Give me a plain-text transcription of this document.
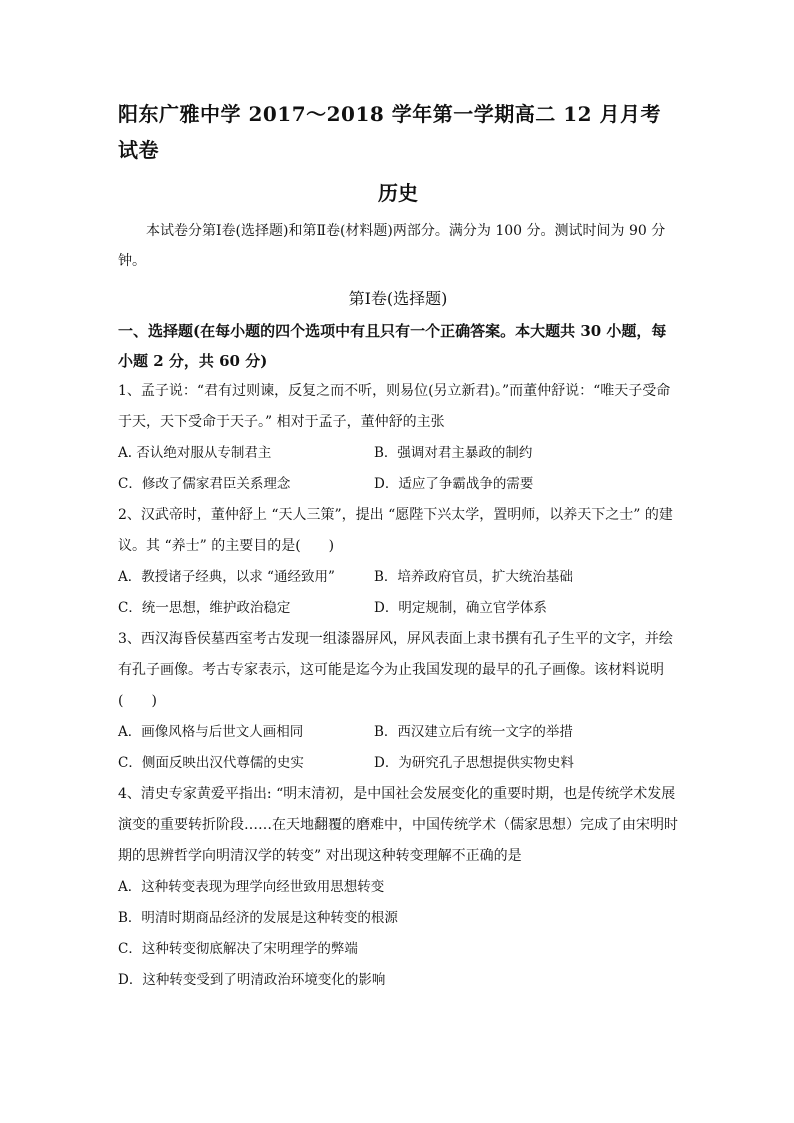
阳东广雅中学 2017～2018 学年第一学期高二 12 月月考试卷
历史

本试卷分第Ⅰ卷(选择题)和第Ⅱ卷(材料题)两部分。满分为 100 分。测试时间为 90 分钟。

第Ⅰ卷(选择题)

一、选择题(在每小题的四个选项中有且只有一个正确答案。本大题共 30 小题，每小题 2 分，共 60 分)

1、孟子说：“君有过则谏，反复之而不听，则易位(另立新君)。”而董仲舒说：“唯天子受命于天，天下受命于天子。” 相对于孟子，董仲舒的主张

A. 否认绝对服从专制君主	B．强调对君主暴政的制约
C．修改了儒家君臣关系理念	D．适应了争霸战争的需要

2、汉武帝时，董仲舒上 “天人三策”，提出 “愿陛下兴太学，置明师，以养天下之士” 的建议。其 “养士” 的主要目的是(　　)

A．教授诸子经典，以求 “通经致用”	B．培养政府官员，扩大统治基础
C．统一思想，维护政治稳定	D．明定规制，确立官学体系

3、西汉海昏侯墓西室考古发现一组漆器屏风，屏风表面上隶书撰有孔子生平的文字，并绘有孔子画像。考古专家表示，这可能是迄今为止我国发现的最早的孔子画像。该材料说明(　　)

A．画像风格与后世文人画相同	B．西汉建立后有统一文字的举措
C．侧面反映出汉代尊儒的史实	D．为研究孔子思想提供实物史料

4、清史专家黄爱平指出: “明末清初，是中国社会发展变化的重要时期，也是传统学术发展演变的重要转折阶段……在天地翻覆的磨难中，中国传统学术（儒家思想）完成了由宋明时期的思辨哲学向明清汉学的转变” 对出现这种转变理解不正确的是

A．这种转变表现为理学向经世致用思想转变
B．明清时期商品经济的发展是这种转变的根源
C．这种转变彻底解决了宋明理学的弊端
D．这种转变受到了明清政治环境变化的影响
